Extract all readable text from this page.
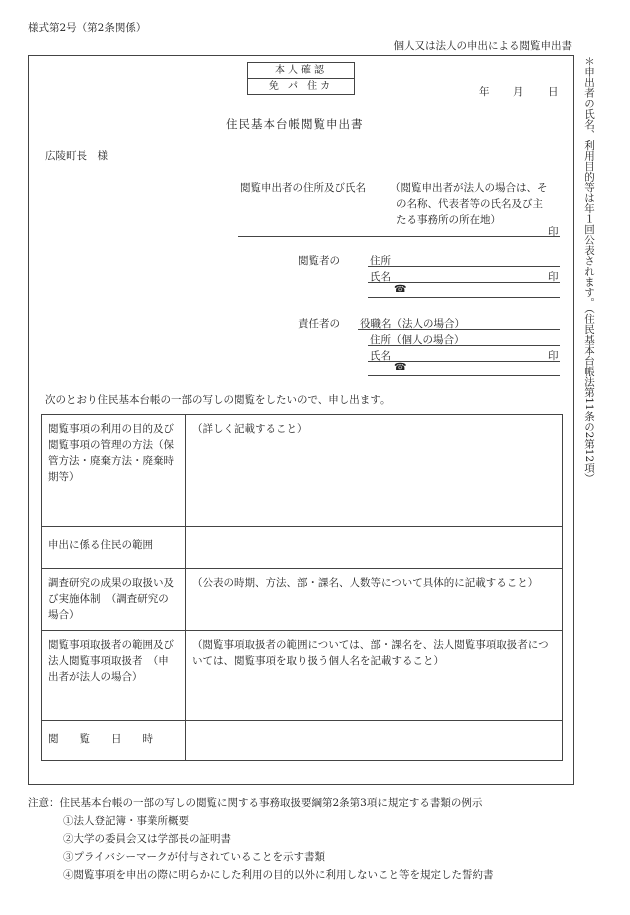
様式第2号（第2条関係）
個人又は法人の申出による閲覧申出書
本人確認
免 パ 住カ	年 月 日
住民基本台帳閲覧申出書
広陵町長　様
閲覧申出者の住所及び氏名 （閲覧申出者が法人の場合は、そ
の名称、代表者等の氏名及び主
たる事務所の所在地）
印
閲覧者の	住所
氏名	印
☎
責任者の 役職名（法人の場合）
住所（個人の場合）
氏名	印
☎
次のとおり住民基本台帳の一部の写しの閲覧をしたいので、申し出ます。
閲覧事項の利用の目的及び閲覧事項の管理の方法（保管方法・廃棄方法・廃棄時期等）	（詳しく記載すること）
申出に係る住民の範囲	
調査研究の成果の取扱い及び実施体制　（調査研究の場合）	（公表の時期、方法、部・課名、人数等について具体的に記載すること）
閲覧事項取扱者の範囲及び法人閲覧事項取扱者　（申出者が法人の場合）	（閲覧事項取扱者の範囲については、部・課名を、法人閲覧事項取扱者については、閲覧事項を取り扱う個人名を記載すること）
閲　　覧　　日　　時	
＊申出者の氏名、利用目的等は年１回公表されます。（住民基本台帳法第11条の2第12項）
注意：住民基本台帳の一部の写しの閲覧に関する事務取扱要綱第2条第3項に規定する書類の例示
①法人登記簿・事業所概要
②大学の委員会又は学部長の証明書
③プライバシーマークが付与されていることを示す書類
④閲覧事項を申出の際に明らかにした利用の目的以外に利用しないこと等を規定した誓約書
